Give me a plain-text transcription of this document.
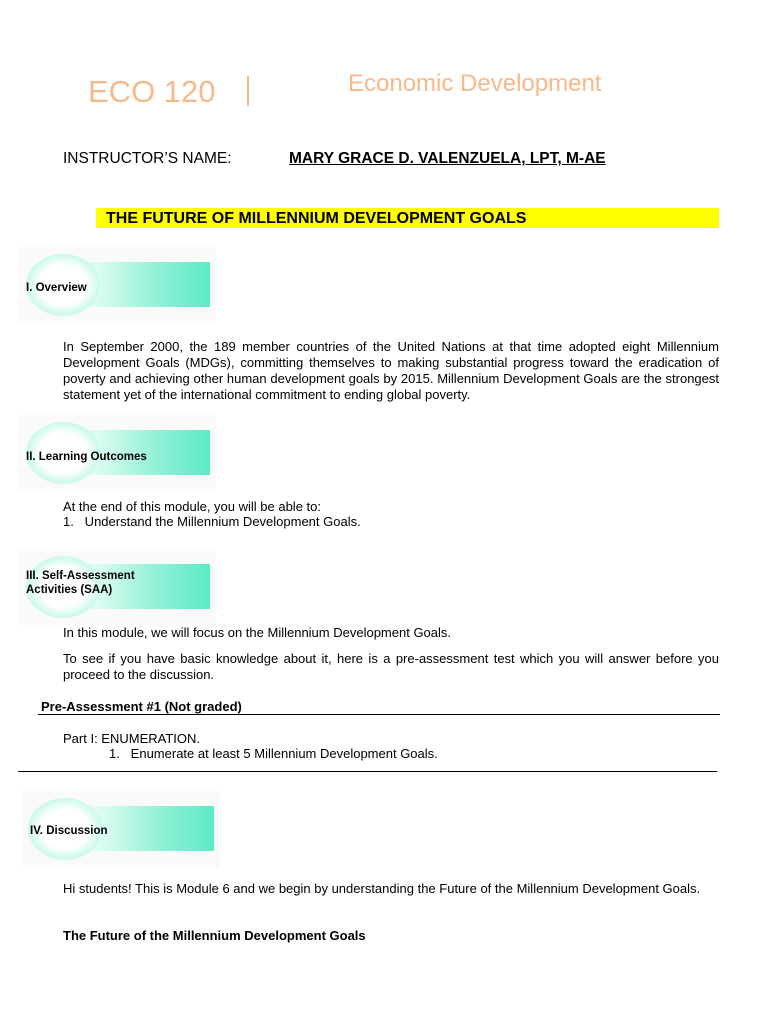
ECO 120	Economic Development
INSTRUCTOR’S NAME:	MARY GRACE D. VALENZUELA, LPT, M-AE
THE FUTURE OF MILLENNIUM DEVELOPMENT GOALS
I. Overview
In September 2000, the 189 member countries of the United Nations at that time adopted eight Millennium Development Goals (MDGs), committing themselves to making substantial progress toward the eradication of poverty and achieving other human development goals by 2015. Millennium Development Goals are the strongest statement yet of the international commitment to ending global poverty.
II. Learning Outcomes
At the end of this module, you will be able to:
1.   Understand the Millennium Development Goals.
III. Self-Assessment
Activities (SAA)
In this module, we will focus on the Millennium Development Goals.
To see if you have basic knowledge about it, here is a pre-assessment test which you will answer before you proceed to the discussion.
Pre-Assessment #1 (Not graded)
Part I: ENUMERATION.
1.   Enumerate at least 5 Millennium Development Goals.
IV. Discussion
Hi students! This is Module 6 and we begin by understanding the Future of the Millennium Development Goals.
The Future of the Millennium Development Goals
